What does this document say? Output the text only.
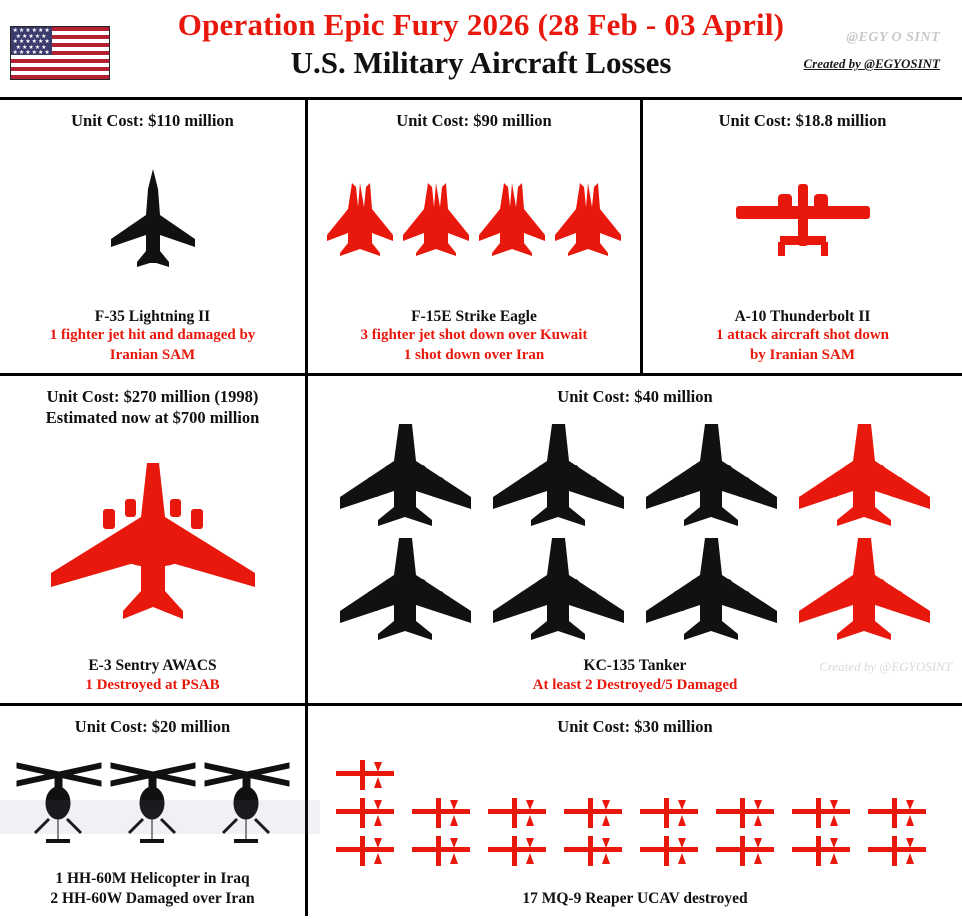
★★★★★★
★★★★★
★★★★★★
★★★★★
★★★★★★
Operation Epic Fury 2026 (28 Feb - 03 April)
U.S. Military Aircraft Losses
@EGY O SINT
Created by @EGYOSINT
Unit Cost: $110 million
F-35 Lightning II
1 fighter jet hit and damaged by
Iranian SAM
Unit Cost: $90 million
F-15E Strike Eagle
3 fighter jet shot down over Kuwait
1 shot down over Iran
Unit Cost: $18.8 million
A-10 Thunderbolt II
1 attack aircraft shot down
by Iranian SAM
Unit Cost: $270 million (1998)
Estimated now at $700 million
E-3 Sentry AWACS
1 Destroyed at PSAB
Unit Cost: $40 million
KC-135 Tanker
At least 2 Destroyed/5 Damaged
Created by @EGYOSINT
Unit Cost: $20 million
1 HH-60M Helicopter in Iraq
2 HH-60W Damaged over Iran
Unit Cost: $30 million
17 MQ-9 Reaper UCAV destroyed
